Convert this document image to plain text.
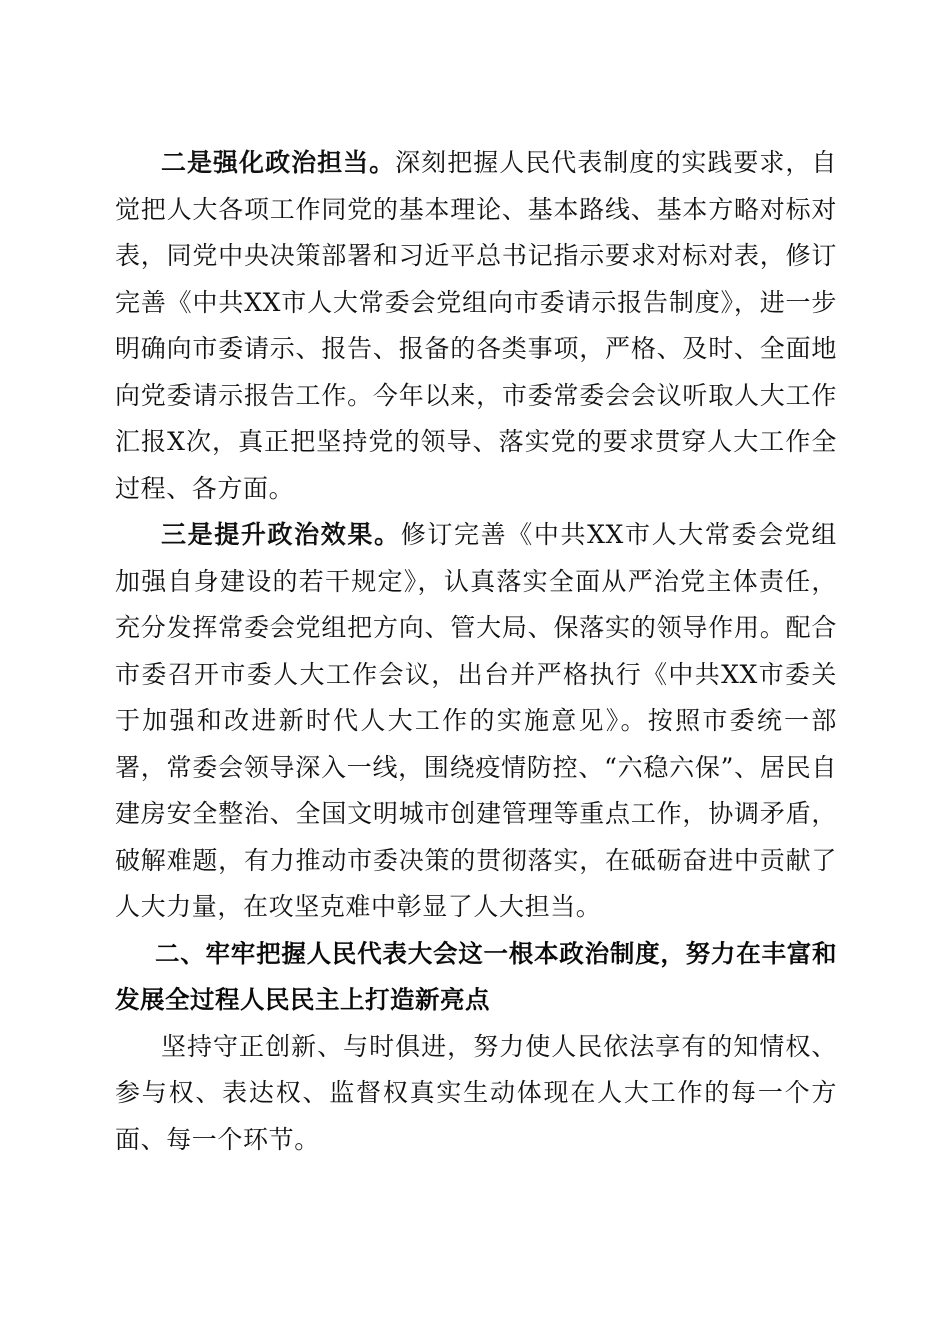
二是强化政治担当。深刻把握人民代表制度的实践要求，自觉把人大各项工作同党的基本理论、基本路线、基本方略对标对表，同党中央决策部署和习近平总书记指示要求对标对表，修订完善《中共XX市人大常委会党组向市委请示报告制度》，进一步明确向市委请示、报告、报备的各类事项，严格、及时、全面地向党委请示报告工作。今年以来，市委常委会会议听取人大工作汇报X次，真正把坚持党的领导、落实党的要求贯穿人大工作全过程、各方面。

三是提升政治效果。修订完善《中共XX市人大常委会党组加强自身建设的若干规定》，认真落实全面从严治党主体责任，充分发挥常委会党组把方向、管大局、保落实的领导作用。配合市委召开市委人大工作会议，出台并严格执行《中共XX市委关于加强和改进新时代人大工作的实施意见》。按照市委统一部署，常委会领导深入一线，围绕疫情防控、“六稳六保”、居民自建房安全整治、全国文明城市创建管理等重点工作，协调矛盾，破解难题，有力推动市委决策的贯彻落实，在砥砺奋进中贡献了人大力量，在攻坚克难中彰显了人大担当。

二、牢牢把握人民代表大会这一根本政治制度，努力在丰富和发展全过程人民民主上打造新亮点

坚持守正创新、与时俱进，努力使人民依法享有的知情权、参与权、表达权、监督权真实生动体现在人大工作的每一个方面、每一个环节。
